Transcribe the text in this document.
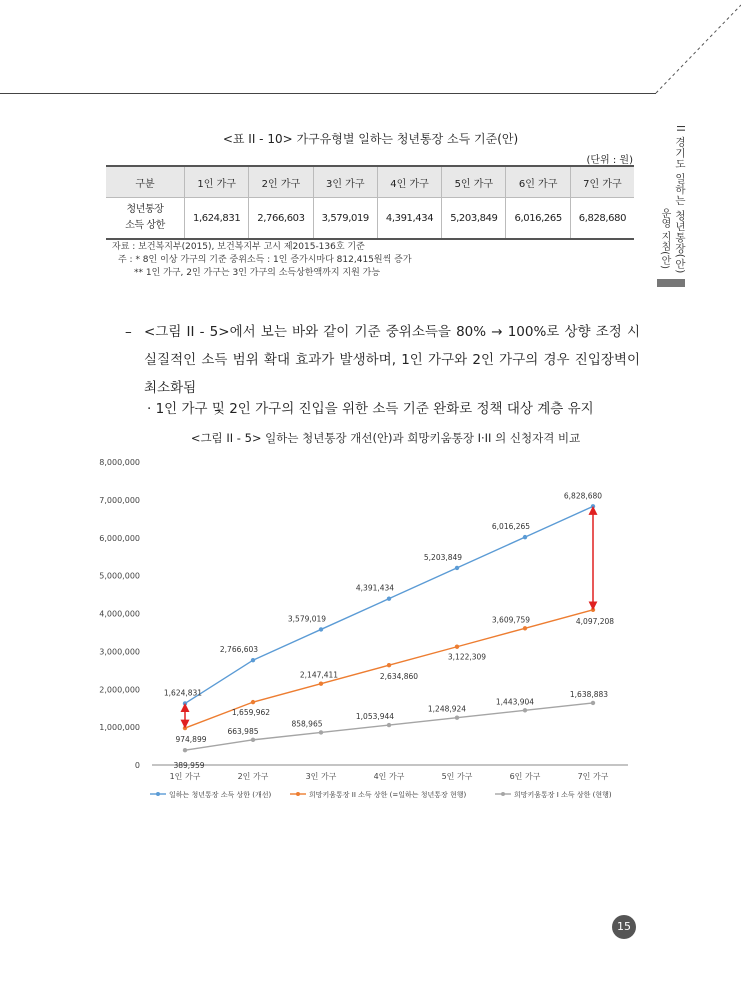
II 경기도 일하는 청년통장(안)
운영 지침(안)
<표 II - 10> 가구유형별 일하는 청년통장 소득 기준(안)
(단위 : 원)
구분	1인 가구	2인 가구	3인 가구	4인 가구	5인 가구	6인 가구	7인 가구

청년통장
소득 상한	1,624,831	2,766,603	3,579,019	4,391,434	5,203,849	6,016,265	6,828,680
자료 : 보건복지부(2015), 보건복지부 고시 제2015-136호 기준
주 : * 8인 이상 가구의 기준 중위소득 : 1인 증가시마다 812,415원씩 증가
** 1인 가구, 2인 가구는 3인 가구의 소득상한액까지 지원 가능
– <그림 II - 5>에서 보는 바와 같이 기준 중위소득을 80% → 100%로 상향 조정 시 실질적인 소득 범위 확대 효과가 발생하며, 1인 가구와 2인 가구의 경우 진입장벽이 최소화됨
· 1인 가구 및 2인 가구의 진입을 위한 소득 기준 완화로 정책 대상 계층 유지
<그림 II - 5> 일하는 청년통장 개선(안)과 희망키움통장 I·II 의 신청자격 비교
0
1,000,000
2,000,000
3,000,000
4,000,000
5,000,000
6,000,000
7,000,000
8,000,000
1인 가구	2인 가구	3인 가구	4인 가구	5인 가구	6인 가구	7인 가구
1,624,831
2,766,603
3,579,019
4,391,434
5,203,849
6,016,265
6,828,680
974,899
1,659,962
2,147,411	2,634,860
3,122,309
3,609,759	4,097,208
389,959
663,985
858,965
1,053,944
1,248,924
1,443,904
1,638,883
일하는 청년통장 소득 상한 (개선)	희망키움통장 II 소득 상한 (=일하는 청년통장 현행)	희망키움통장 I 소득 상한 (현행)
15
